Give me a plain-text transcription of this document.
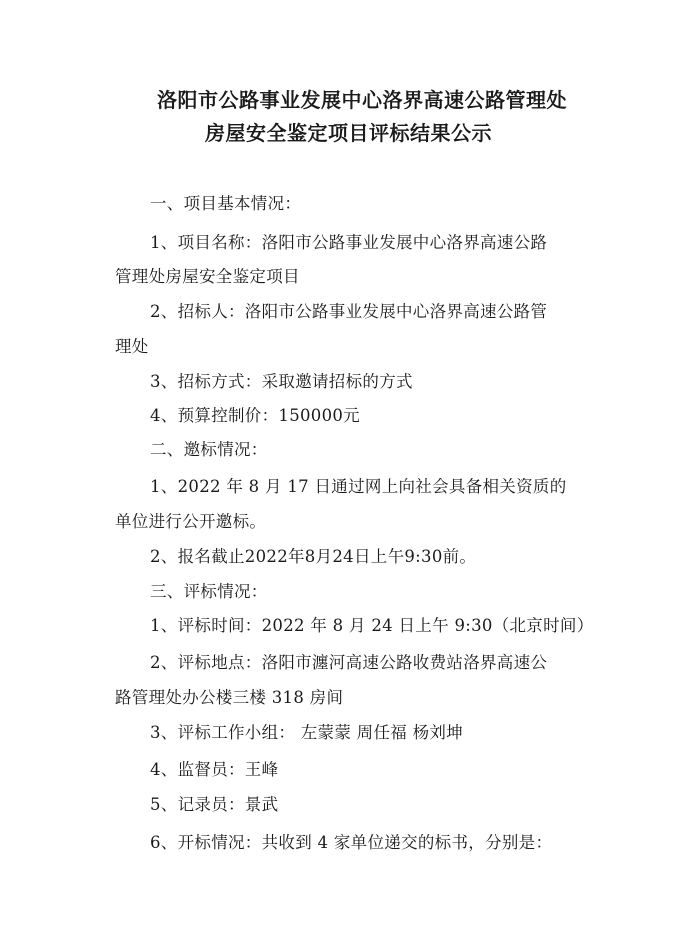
洛阳市公路事业发展中心洛界高速公路管理处
房屋安全鉴定项目评标结果公示
一、项目基本情况：
1、项目名称：洛阳市公路事业发展中心洛界高速公路
管理处房屋安全鉴定项目
2、招标人：洛阳市公路事业发展中心洛界高速公路管
理处
3、招标方式：采取邀请招标的方式
4、预算控制价：150000元
二、邀标情况：
1、2022 年 8 月 17 日通过网上向社会具备相关资质的
单位进行公开邀标。
2、报名截止2022年8月24日上午9:30前。
三、评标情况：
1、评标时间：2022 年 8 月 24 日上午 9:30（北京时间）
2、评标地点：洛阳市瀍河高速公路收费站洛界高速公
路管理处办公楼三楼 318 房间
3、评标工作小组： 左蒙蒙 周任福 杨刘坤
4、监督员：王峰
5、记录员：景武
6、开标情况：共收到 4 家单位递交的标书，分别是：
